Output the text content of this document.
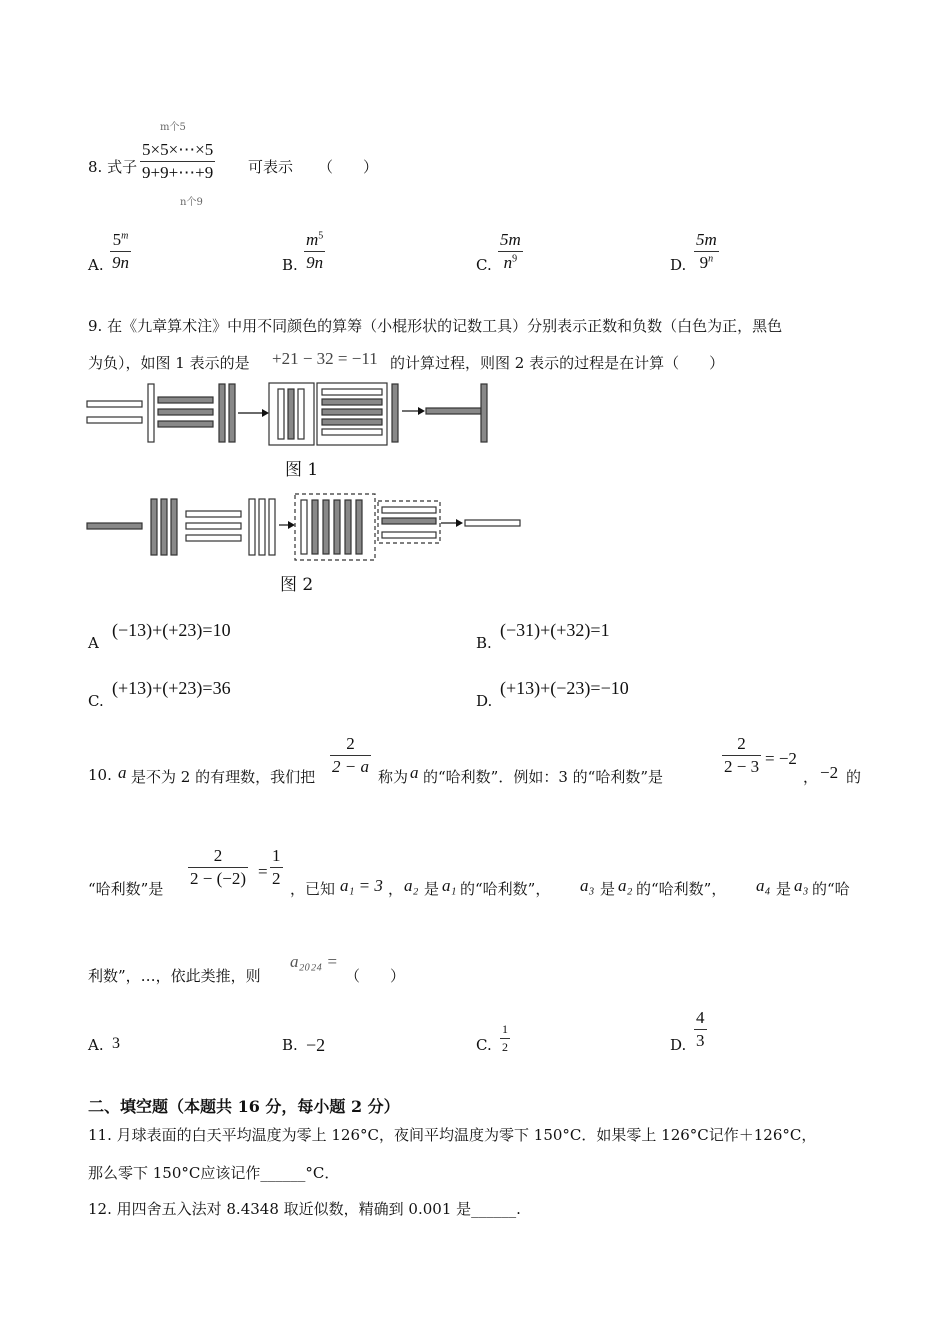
m个5
8. 式子
5×5×⋯×5
9+9+⋯+9
n个9
可表示 （　　）
A.
5$^m$
9n	B.
$m^5$
9n	C.
5m
$n^9$	D.
5m
9$^n$
9. 在《九章算术注》中用不同颜色的算筹（小棍形状的记数工具）分别表示正数和负数（白色为正，黑色
为负），如图 1 表示的是 +21 − 32 = −11 的计算过程，则图 2 表示的过程是在计算（　　）
图 1
图 2
A
(−13)+(+23)=10
B.
(−31)+(+32)=1
C.
(+13)+(+23)=36
D.
(+13)+(−23)=−10
10. a 是不为 2 的有理数，我们把
2
2 − a
称为 a 的“哈利数”．例如：3 的“哈利数”是
2
2 − 3 = −2
， −2 的
“哈利数”是
2
2 − (−2) =
1
2
，已知 a₁ = 3 ， a₂ 是 a₁ 的“哈利数”， a₃ 是 a₂ 的“哈利数”， a₄ 是 a₃ 的“哈
利数”，…，依此类推，则
a₂₀₂₄ =
（　　）
A. 3	B. −2	C.
1
2	D.
4
3
二、填空题（本题共 16 分，每小题 2 分）
11. 月球表面的白天平均温度为零上 126°C，夜间平均温度为零下 150°C．如果零上 126°C记作＋126°C，
那么零下 150°C应该记作______°C．
12. 用四舍五入法对 8.4348 取近似数，精确到 0.001 是______.
